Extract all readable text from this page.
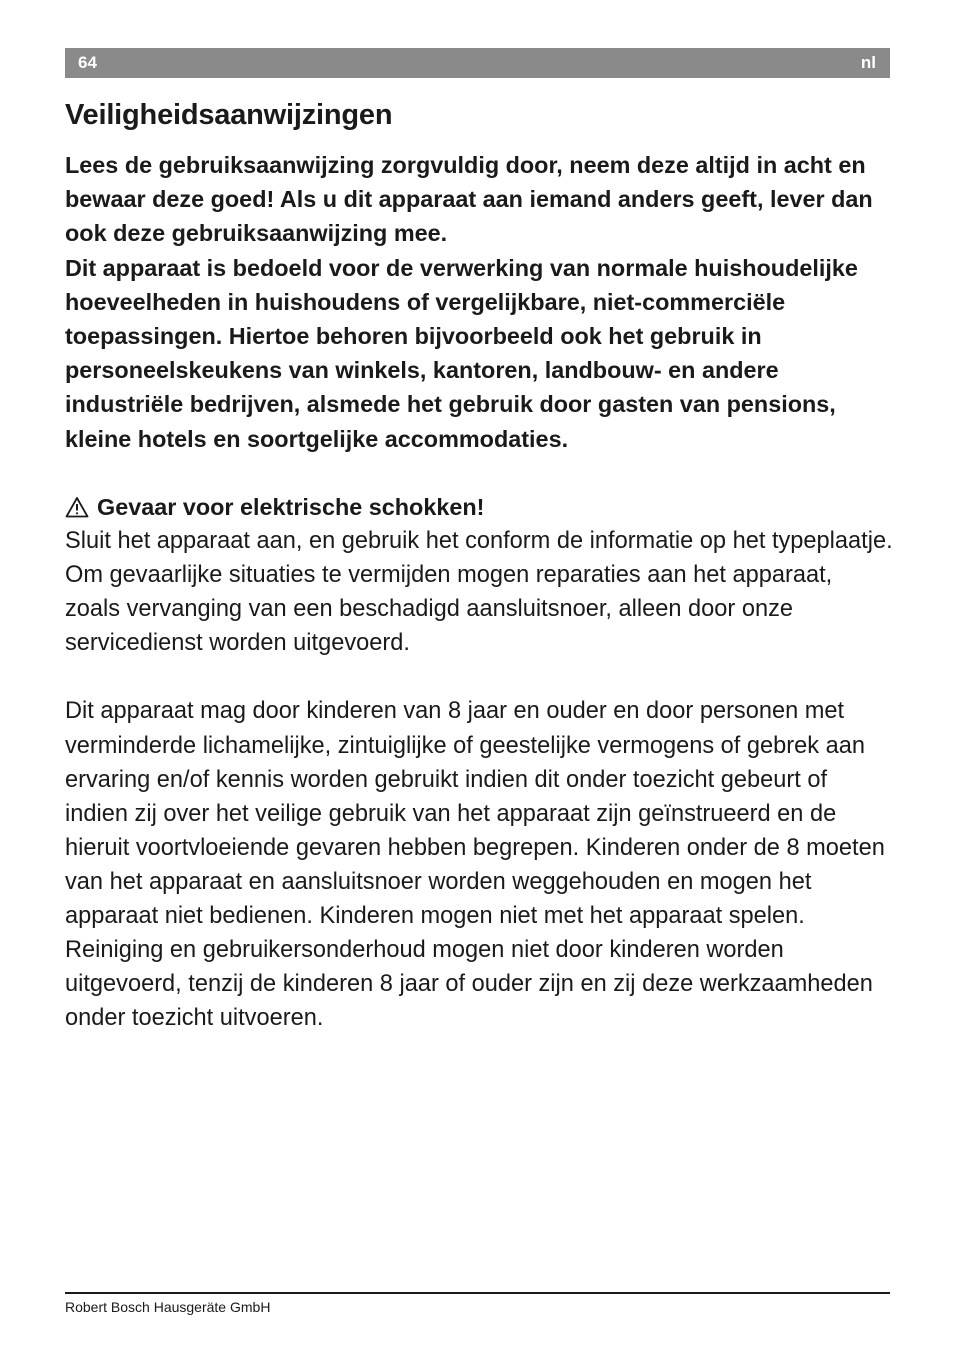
64	nl
Veiligheidsaanwijzingen

Lees de gebruiksaanwijzing zorgvuldig door, neem deze altijd in acht en bewaar deze goed! Als u dit apparaat aan iemand anders geeft, lever dan ook deze gebruiksaanwijzing mee.

Dit apparaat is bedoeld voor de verwerking van normale huishoudelijke hoeveelheden in huishoudens of vergelijkbare, niet-commerciële toepassingen. Hiertoe behoren bijvoorbeeld ook het gebruik in personeelskeukens van winkels, kantoren, landbouw- en andere industriële bedrijven, alsmede het gebruik door gasten van pensions, kleine hotels en soortgelijke accommodaties.

Gevaar voor elektrische schokken!

Sluit het apparaat aan, en gebruik het conform de informatie op het typeplaatje. Om gevaarlijke situaties te vermijden mogen reparaties aan het apparaat, zoals vervanging van een beschadigd aansluitsnoer, alleen door onze servicedienst worden uitgevoerd.

Dit apparaat mag door kinderen van 8 jaar en ouder en door personen met verminderde lichamelijke, zintuiglijke of geestelijke vermogens of gebrek aan ervaring en/of kennis worden gebruikt indien dit onder toezicht gebeurt of indien zij over het veilige gebruik van het apparaat zijn geïnstrueerd en de hieruit voortvloeiende gevaren hebben begrepen. Kinderen onder de 8 moeten van het apparaat en aansluitsnoer worden weggehouden en mogen het apparaat niet bedienen. Kinderen mogen niet met het apparaat spelen. Reiniging en gebruikersonderhoud mogen niet door kinderen worden uitgevoerd, tenzij de kinderen 8 jaar of ouder zijn en zij deze werkzaamheden onder toezicht uitvoeren.

Robert Bosch Hausgeräte GmbH
